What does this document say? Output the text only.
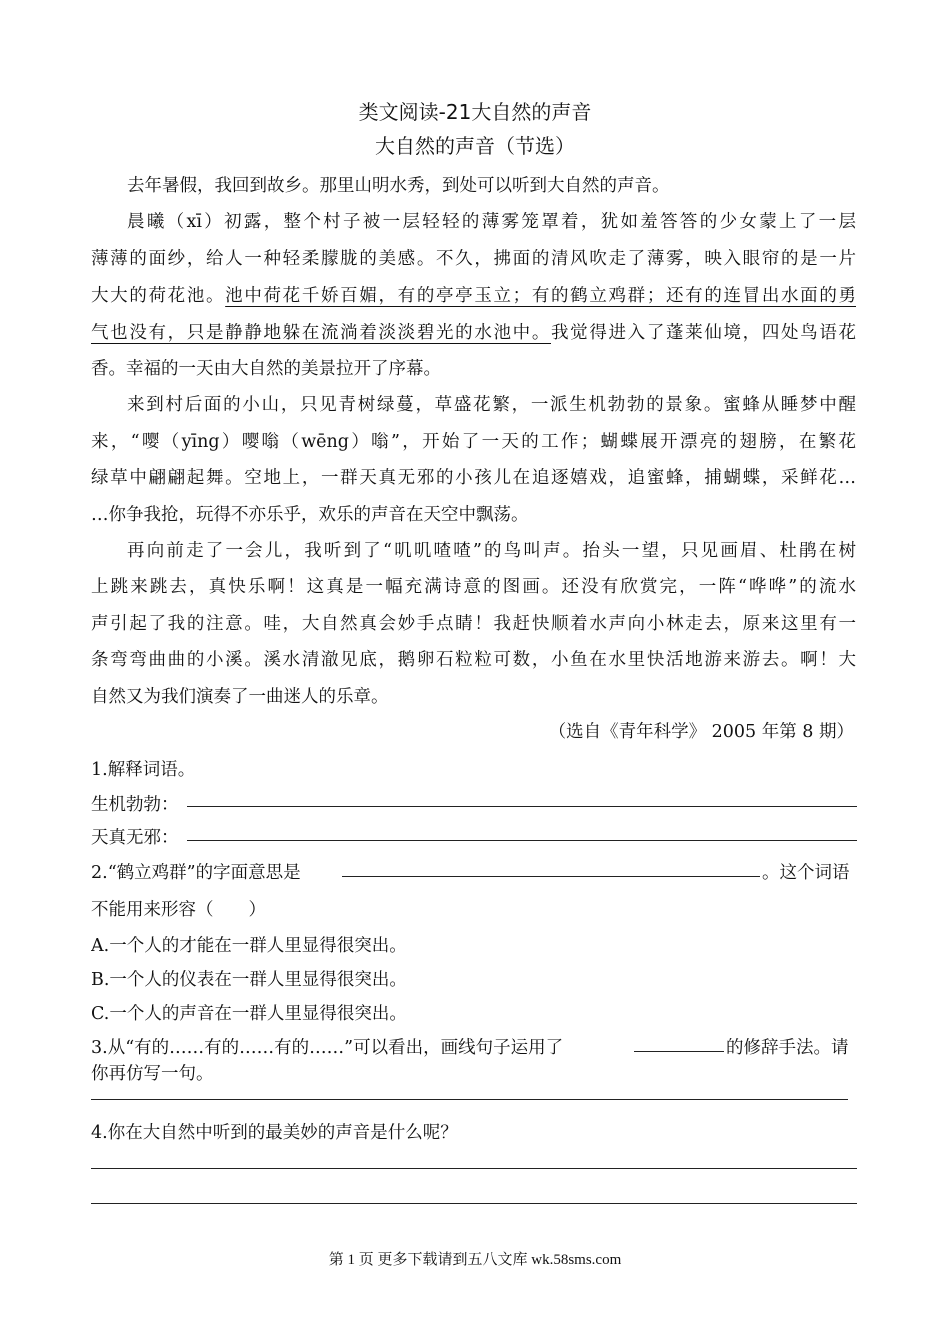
类文阅读-21大自然的声音
大自然的声音（节选）
去年暑假，我回到故乡。那里山明水秀，到处可以听到大自然的声音。
晨曦（xī）初露，整个村子被一层轻轻的薄雾笼罩着，犹如羞答答的少女蒙上了一层
薄薄的面纱，给人一种轻柔朦胧的美感。不久，拂面的清风吹走了薄雾，映入眼帘的是一片
大大的荷花池。池中荷花千娇百媚，有的亭亭玉立；有的鹤立鸡群；还有的连冒出水面的勇
气也没有，只是静静地躲在流淌着淡淡碧光的水池中。我觉得进入了蓬莱仙境，四处鸟语花
香。幸福的一天由大自然的美景拉开了序幕。
来到村后面的小山，只见青树绿蔓，草盛花繁，一派生机勃勃的景象。蜜蜂从睡梦中醒
来，“嘤（yīng）嘤嗡（wēng）嗡”，开始了一天的工作；蝴蝶展开漂亮的翅膀，在繁花
绿草中翩翩起舞。空地上，一群天真无邪的小孩儿在追逐嬉戏，追蜜蜂，捕蝴蝶，采鲜花…
…你争我抢，玩得不亦乐乎，欢乐的声音在天空中飘荡。
再向前走了一会儿，我听到了“叽叽喳喳”的鸟叫声。抬头一望，只见画眉、杜鹃在树
上跳来跳去，真快乐啊！这真是一幅充满诗意的图画。还没有欣赏完，一阵“哗哗”的流水
声引起了我的注意。哇，大自然真会妙手点睛！我赶快顺着水声向小林走去，原来这里有一
条弯弯曲曲的小溪。溪水清澈见底，鹅卵石粒粒可数，小鱼在水里快活地游来游去。啊！大
自然又为我们演奏了一曲迷人的乐章。
（选自《青年科学》 2005 年第 8 期）
1.解释词语。
生机勃勃：
天真无邪：
2.“鹤立鸡群”的字面意思是	。这个词语
不能用来形容（　　）
A.一个人的才能在一群人里显得很突出。
B.一个人的仪表在一群人里显得很突出。
C.一个人的声音在一群人里显得很突出。
3.从“有的……有的……有的……”可以看出，画线句子运用了	的修辞手法。请
你再仿写一句。
4.你在大自然中听到的最美妙的声音是什么呢？
第 1 页 更多下载请到五八文库 wk.58sms.com
